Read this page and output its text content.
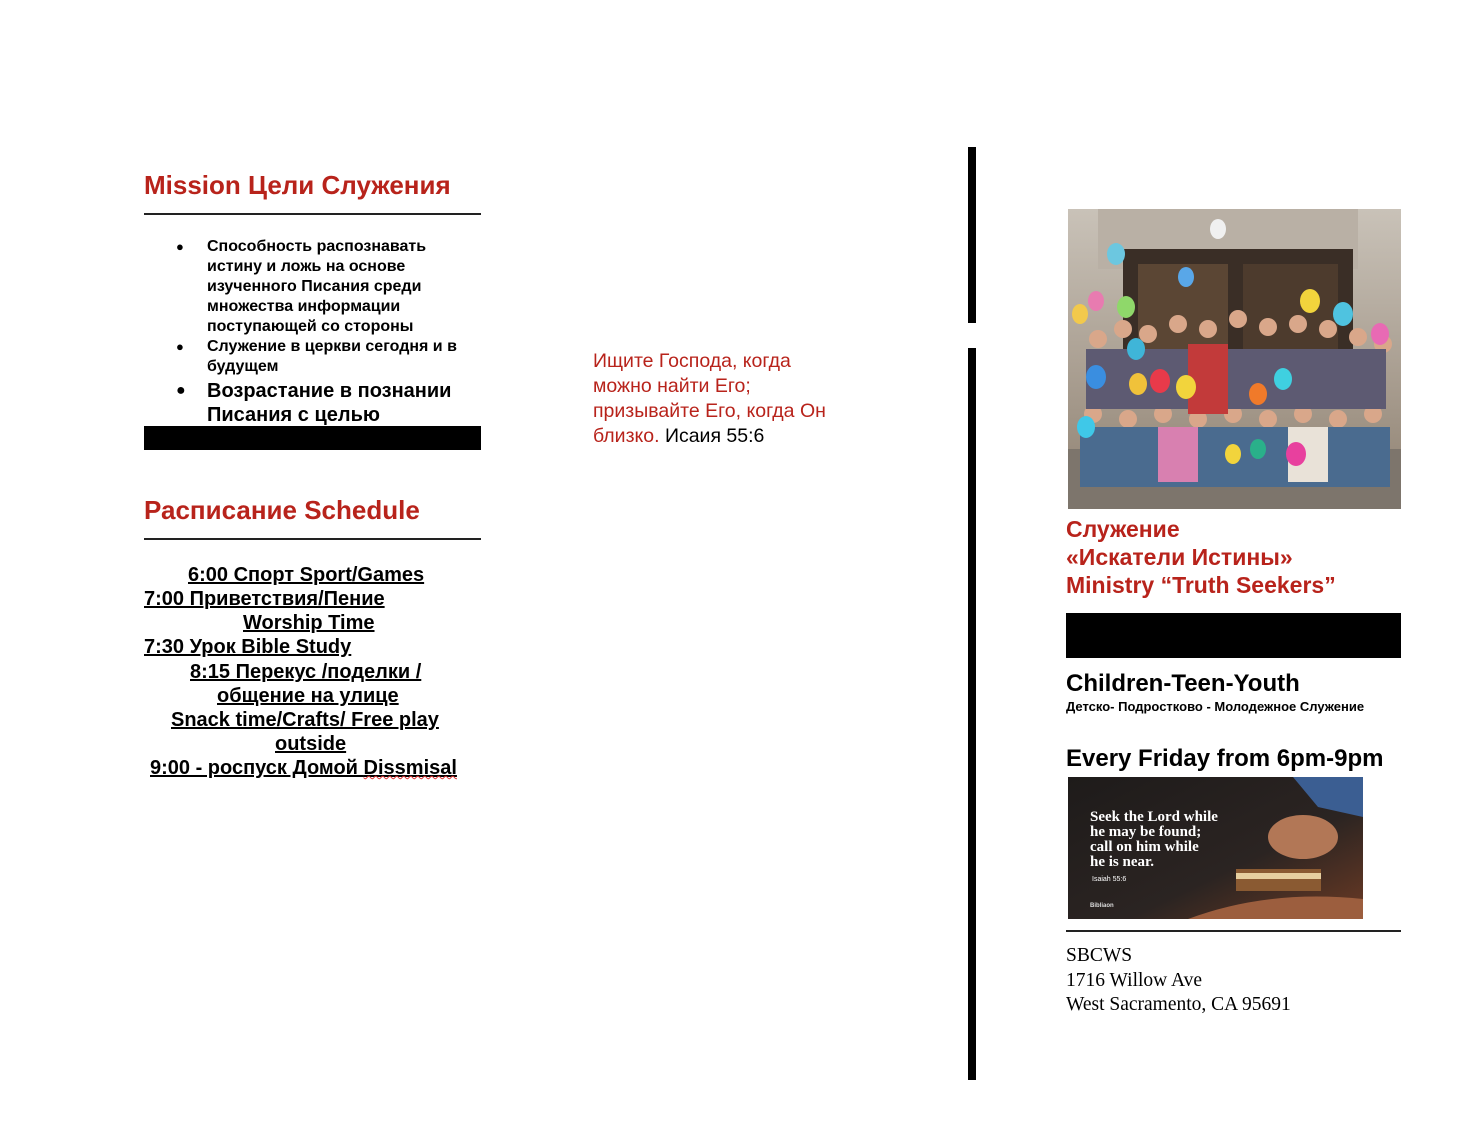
Mission Цели Служения
● Способность распознавать истину и ложь на основе изученного Писания среди множества информации поступающей со стороны
● Служение в церкви сегодня и в будущем
● Возрастание в познании Писания с целью
Расписание Schedule
6:00 Спорт Sport/Games
7:00 Приветствия/Пение
Worship Time
7:30 Урок Bible Study
8:15 Перекус /поделки /
общение на улице
Snack time/Crafts/ Free play
outside
9:00 - роспуск Домой Dissmisal
Ищите Господа, когда можно найти Его; призывайте Его, когда Он близко. Исаия 55:6
Служение
«Искатели Истины»
Ministry “Truth Seekers”
Children-Teen-Youth
Детско- Подростково - Молодежное Служение
Every Friday from 6pm-9pm
Seek the Lord while
he may be found;
call on him while
he is near.
Isaiah 55:6
Bibliaon
SBCWS
1716 Willow Ave
West Sacramento, CA 95691
